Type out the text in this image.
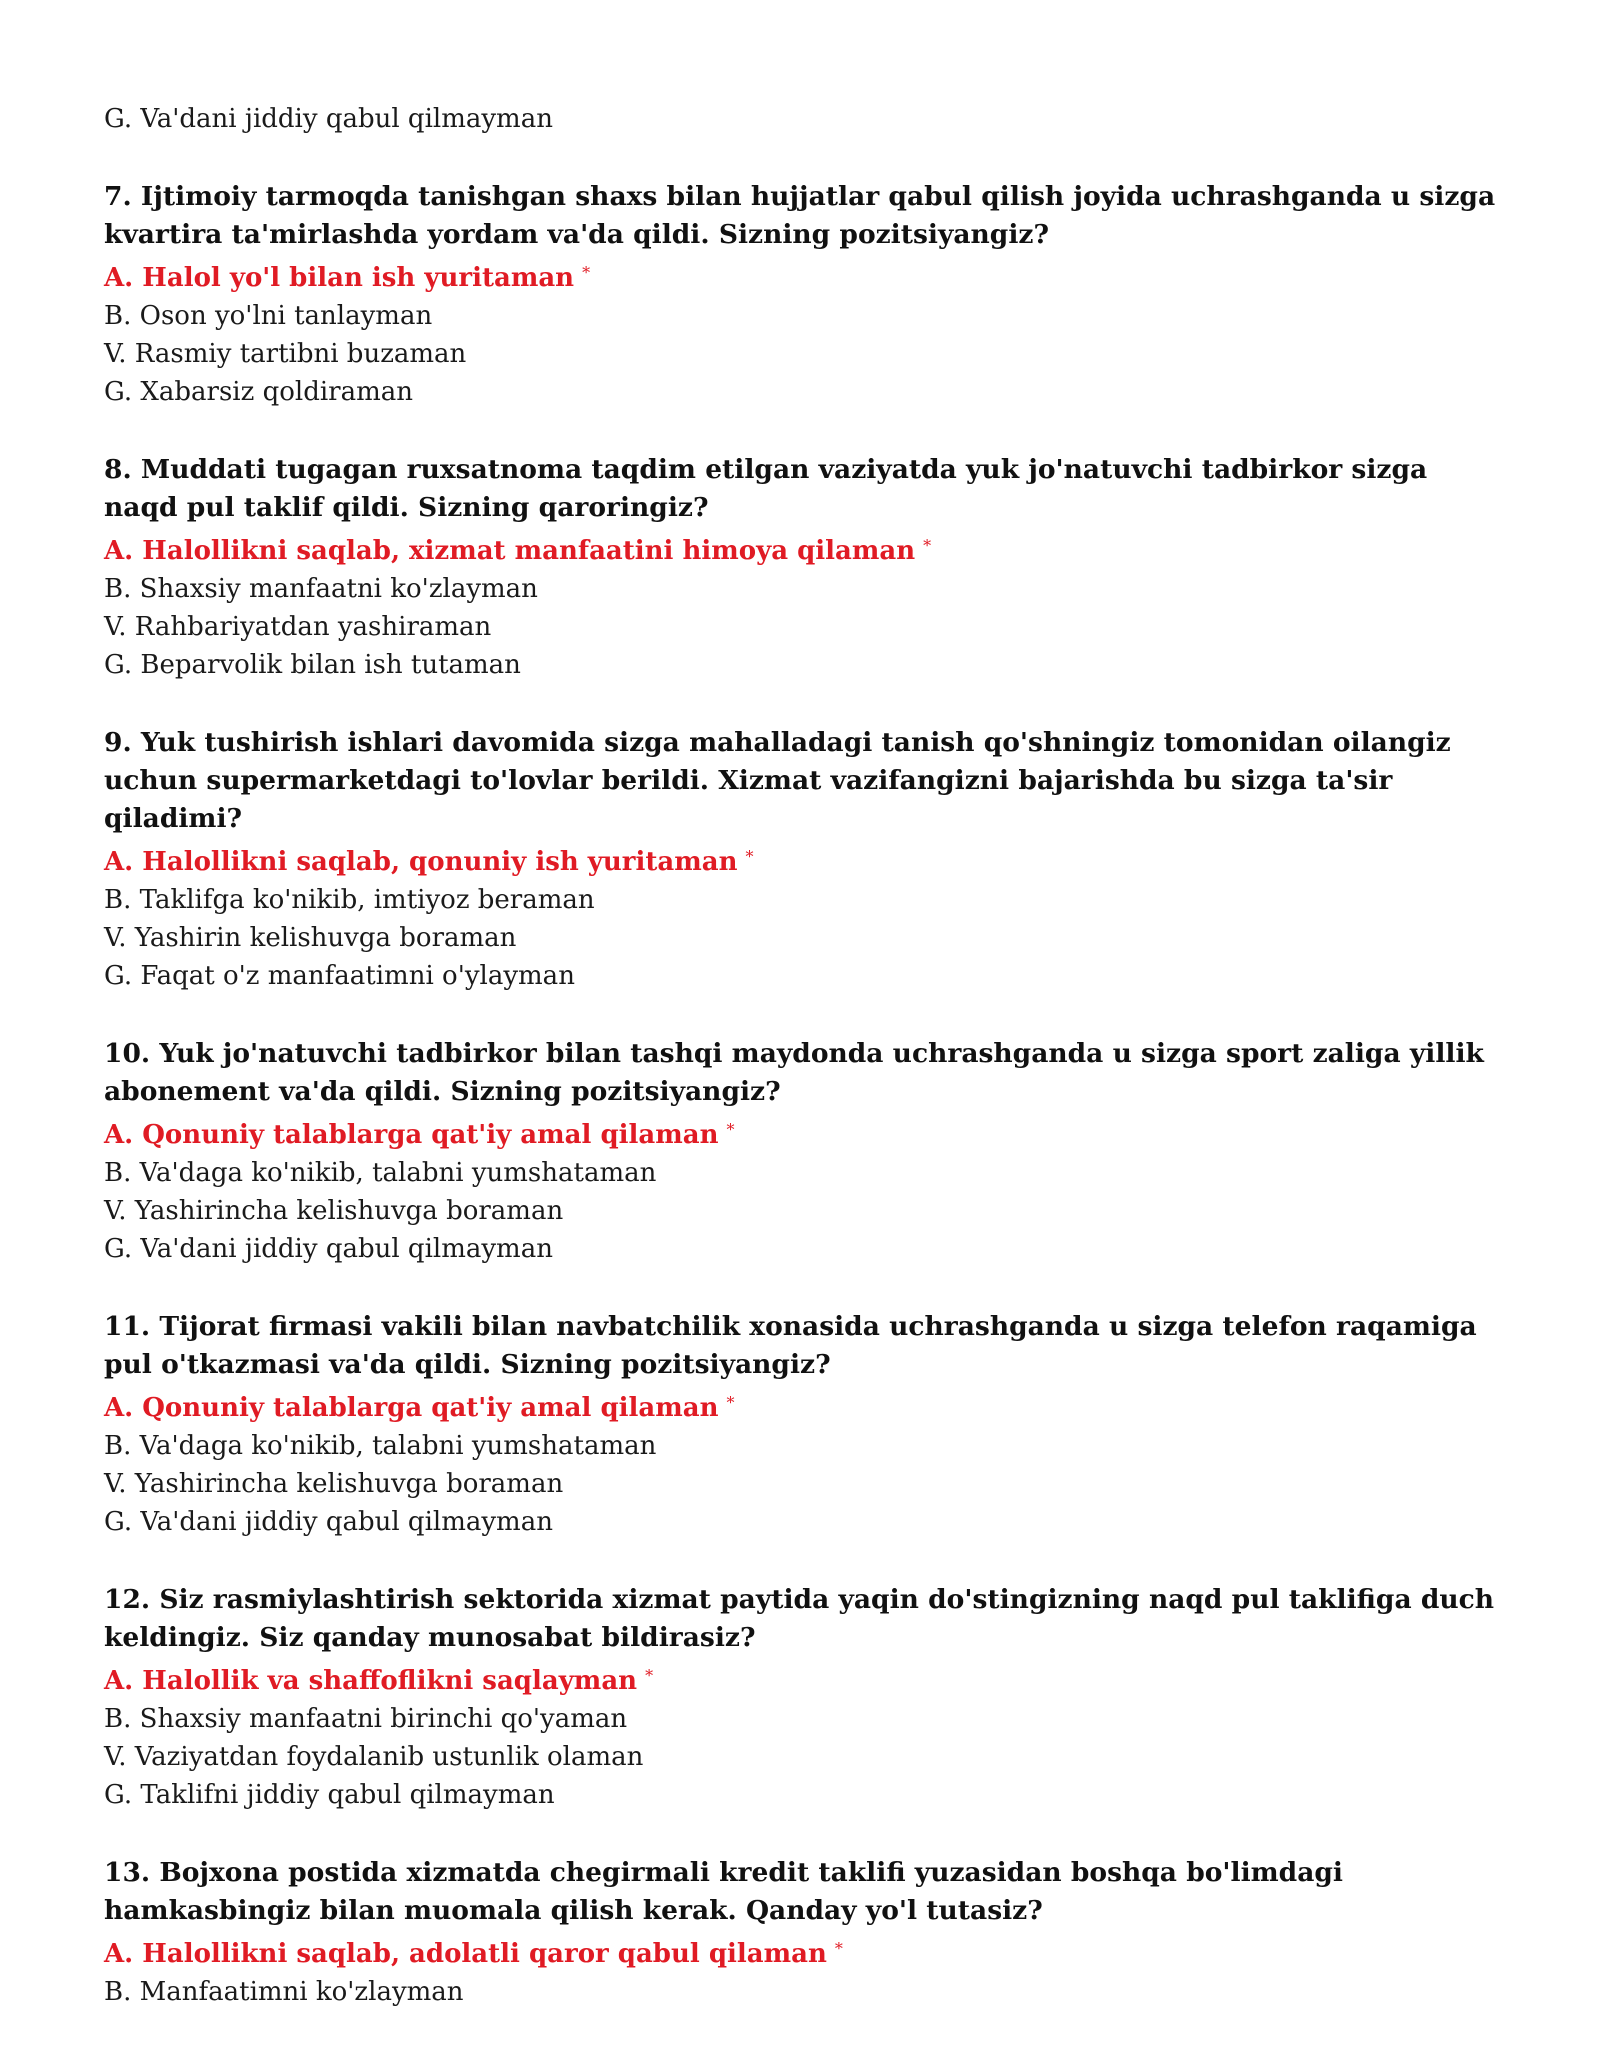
G. Va'dani jiddiy qabul qilmayman

7. Ijtimoiy tarmoqda tanishgan shaxs bilan hujjatlar qabul qilish joyida uchrashganda u sizga kvartira ta'mirlashda yordam va'da qildi. Sizning pozitsiyangiz?

A. Halol yo'l bilan ish yuritaman *

B. Oson yo'lni tanlayman

V. Rasmiy tartibni buzaman

G. Xabarsiz qoldiraman

8. Muddati tugagan ruxsatnoma taqdim etilgan vaziyatda yuk jo'natuvchi tadbirkor sizga naqd pul taklif qildi. Sizning qaroringiz?

A. Halollikni saqlab, xizmat manfaatini himoya qilaman *

B. Shaxsiy manfaatni ko'zlayman

V. Rahbariyatdan yashiraman

G. Beparvolik bilan ish tutaman

9. Yuk tushirish ishlari davomida sizga mahalladagi tanish qo'shningiz tomonidan oilangiz uchun supermarketdagi to'lovlar berildi. Xizmat vazifangizni bajarishda bu sizga ta'sir qiladimi?

A. Halollikni saqlab, qonuniy ish yuritaman *

B. Taklifga ko'nikib, imtiyoz beraman

V. Yashirin kelishuvga boraman

G. Faqat o'z manfaatimni o'ylayman

10. Yuk jo'natuvchi tadbirkor bilan tashqi maydonda uchrashganda u sizga sport zaliga yillik abonement va'da qildi. Sizning pozitsiyangiz?

A. Qonuniy talablarga qat'iy amal qilaman *

B. Va'daga ko'nikib, talabni yumshataman

V. Yashirincha kelishuvga boraman

G. Va'dani jiddiy qabul qilmayman

11. Tijorat firmasi vakili bilan navbatchilik xonasida uchrashganda u sizga telefon raqamiga pul o'tkazmasi va'da qildi. Sizning pozitsiyangiz?

A. Qonuniy talablarga qat'iy amal qilaman *

B. Va'daga ko'nikib, talabni yumshataman

V. Yashirincha kelishuvga boraman

G. Va'dani jiddiy qabul qilmayman

12. Siz rasmiylashtirish sektorida xizmat paytida yaqin do'stingizning naqd pul taklifiga duch keldingiz. Siz qanday munosabat bildirasiz?

A. Halollik va shaffoflikni saqlayman *

B. Shaxsiy manfaatni birinchi qo'yaman

V. Vaziyatdan foydalanib ustunlik olaman

G. Taklifni jiddiy qabul qilmayman

13. Bojxona postida xizmatda chegirmali kredit taklifi yuzasidan boshqa bo'limdagi hamkasbingiz bilan muomala qilish kerak. Qanday yo'l tutasiz?

A. Halollikni saqlab, adolatli qaror qabul qilaman *

B. Manfaatimni ko'zlayman
